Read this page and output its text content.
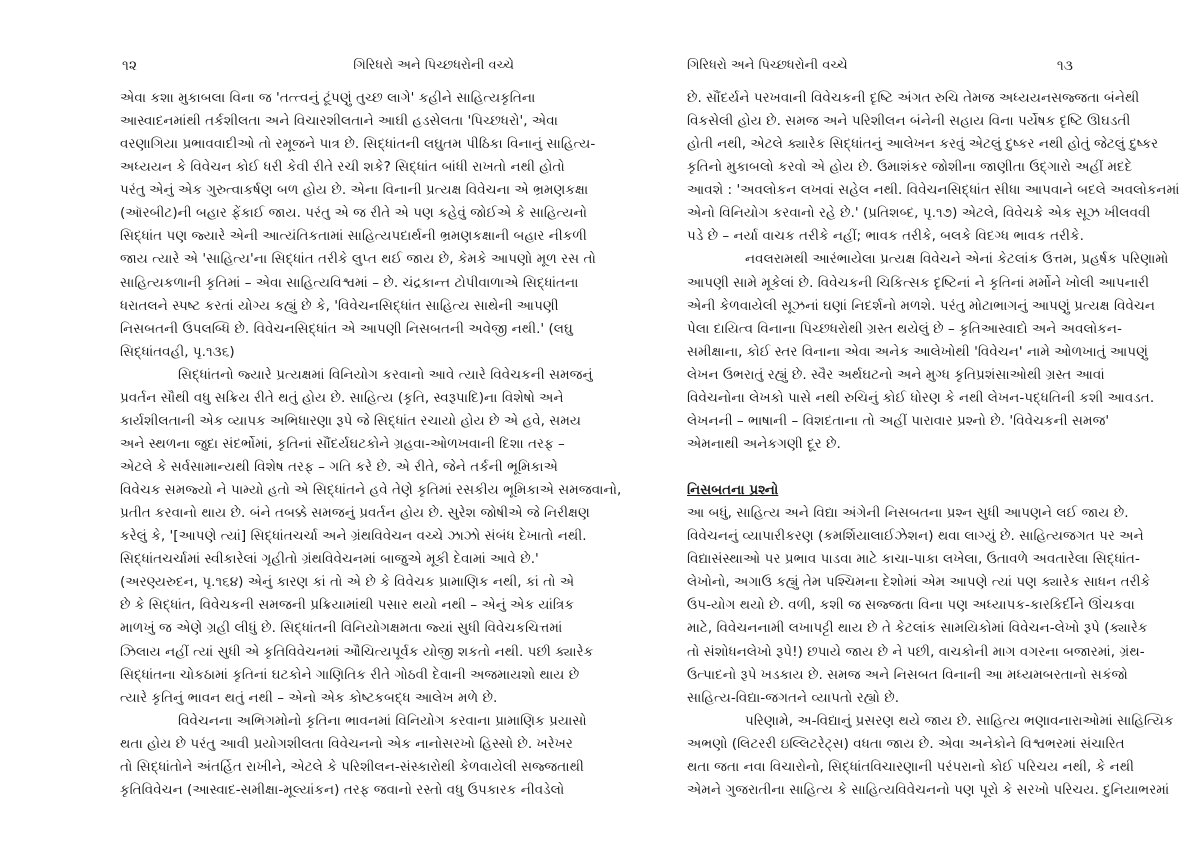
૧૨	ગિરિધરો અને પિચ્છધરોની વચ્ચે
એવા કશા મુકાબલા વિના જ 'તત્ત્વનું ટૂંપણું તુચ્છ લાગે' કહીને સાહિત્યકૃતિના
આસ્વાદનમાંથી તર્કશીલતા અને વિચારશીલતાને આઘી હડસેલતા 'પિચ્છધરો', એવા
વરણાગિયા પ્રભાવવાદીઓ તો રમૂજને પાત્ર છે. સિદ્ધાંતની લઘુતમ પીઠિકા વિનાનું સાહિત્ય-
અધ્યયન કે વિવેચન કોઈ ધરી કેવી રીતે રચી શકે? સિદ્ધાંત બાંધી રાખતો નથી હોતો
પરંતુ એનું એક ગુરુત્વાકર્ષણ બળ હોય છે. એના વિનાની પ્રત્યક્ષ વિવેચના એ ભ્રમણકક્ષા
(ઑરબીટ)ની બહાર ફેંકાઈ જાય. પરંતુ એ જ રીતે એ પણ કહેવું જોઈએ કે સાહિત્યનો
સિદ્ધાંત પણ જ્યારે એની આત્યંતિકતામાં સાહિત્યપદાર્થની ભ્રમણકક્ષાની બહાર નીકળી
જાય ત્યારે એ 'સાહિત્ય'ના સિદ્ધાંત તરીકે લુપ્ત થઈ જાય છે, કેમકે આપણો મૂળ રસ તો
સાહિત્યકળાની કૃતિમાં – એવા સાહિત્યવિશ્વમાં – છે. ચંદ્રકાન્ત ટોપીવાળાએ સિદ્ધાંતના
ધરાતલને સ્પષ્ટ કરતાં યોગ્ય કહ્યું છે કે, 'વિવેચનસિદ્ધાંત સાહિત્ય સાથેની આપણી
નિસબતની ઉપલબ્ધિ છે. વિવેચનસિદ્ધાંત એ આપણી નિસબતની અવેજી નથી.' (લઘુ
સિદ્ધાંતવહી, પૃ.૧૩૬)
સિદ્ધાંતનો જ્યારે પ્રત્યક્ષમાં વિનિયોગ કરવાનો આવે ત્યારે વિવેચકની સમજનું
પ્રવર્તન સૌથી વધુ સક્રિય રીતે થતું હોય છે. સાહિત્ય (કૃતિ, સ્વરૂપાદિ)ના વિશેષો અને
કાર્યશીલતાની એક વ્યાપક અભિધારણા રૂપે જે સિદ્ધાંત રચાયો હોય છે એ હવે, સમય
અને સ્થળના જુદા સંદર્ભોમાં, કૃતિનાં સૌંદર્યઘટકોને ગ્રહવા-ઓળખવાની દિશા તરફ –
એટલે કે સર્વસામાન્યથી વિશેષ તરફ – ગતિ કરે છે. એ રીતે, જેને તર્કની ભૂમિકાએ
વિવેચક સમજ્યો ને પામ્યો હતો એ સિદ્ધાંતને હવે તેણે કૃતિમાં રસકીય ભૂમિકાએ સમજવાનો,
પ્રતીત કરવાનો થાય છે. બંને તબક્કે સમજનું પ્રવર્તન હોય છે. સુરેશ જોષીએ જે નિરીક્ષણ
કરેલું કે, '[આપણે ત્યાં] સિદ્ધાંતચર્ચા અને ગ્રંથવિવેચન વચ્ચે ઝાઝો સંબંધ દેખાતો નથી.
સિદ્ધાંતચર્ચામાં સ્વીકારેલાં ગૃહીતો ગ્રંથવિવેચનમાં બાજુએ મૂકી દેવામાં આવે છે.'
(અરણ્યરુદન, પૃ.૧૬૪) એનું કારણ કાં તો એ છે કે વિવેચક પ્રામાણિક નથી, કાં તો એ
છે કે સિદ્ધાંત, વિવેચકની સમજની પ્રક્રિયામાંથી પસાર થયો નથી – એનું એક યાંત્રિક
માળખું જ એણે ગ્રહી લીધું છે. સિદ્ધાંતની વિનિયોગક્ષમતા જ્યાં સુધી વિવેચકચિત્તમાં
ઝિલાય નહીં ત્યાં સુધી એ કૃતિવિવેચનમાં ઔચિત્યપૂર્વક યોજી શકતો નથી. પછી ક્યારેક
સિદ્ધાંતના ચોકઠામાં કૃતિનાં ઘટકોને ગાણિતિક રીતે ગોઠવી દેવાની અજમાયશો થાય છે
ત્યારે કૃતિનું ભાવન થતું નથી – એનો એક કોષ્ટકબદ્ધ આલેખ મળે છે.
વિવેચનના અભિગમોનો કૃતિના ભાવનમાં વિનિયોગ કરવાના પ્રામાણિક પ્રયાસો
થતા હોય છે પરંતુ આવી પ્રયોગશીલતા વિવેચનનો એક નાનોસરખો હિસ્સો છે. ખરેખર
તો સિદ્ધાંતોને અંતર્હિત રાખીને, એટલે કે પરિશીલન-સંસ્કારોથી કેળવાયેલી સજ્જતાથી
કૃતિવિવેચન (આસ્વાદ-સમીક્ષા-મૂલ્યાંકન) તરફ જવાનો રસ્તો વધુ ઉપકારક નીવડેલો
ગિરિધરો અને પિચ્છધરોની વચ્ચે	૧૩
છે. સૌંદર્યને પરખવાની વિવેચકની દૃષ્ટિ અંગત રુચિ તેમજ અધ્યયનસજ્જતા બંનેથી
વિકસેલી હોય છે. સમજ અને પરિશીલન બંનેની સહાય વિના પર્યેષક દૃષ્ટિ ઊઘડતી
હોતી નથી, એટલે ક્યારેક સિદ્ધાંતનું આલેખન કરવું એટલું દુષ્કર નથી હોતું જેટલું દુષ્કર
કૃતિનો મુકાબલો કરવો એ હોય છે. ઉમાશંકર જોશીના જાણીતા ઉદ્‌ગારો અહીં મદદે
આવશે : 'અવલોકન લખવાં સહેલ નથી. વિવેચનસિદ્ધાંત સીધા આપવાને બદલે અવલોકનમાં
એનો વિનિયોગ કરવાનો રહે છે.' (પ્રતિશબ્દ, પૃ.૧૭) એટલે, વિવેચકે એક સૂઝ ખીલવવી
પડે છે – નર્યા વાચક તરીકે નહીં; ભાવક તરીકે, બલકે વિદગ્ધ ભાવક તરીકે.
નવલરામથી આરંભાયેલા પ્રત્યક્ષ વિવેચને એનાં કેટલાંક ઉત્તમ, પ્રહર્ષક પરિણામો
આપણી સામે મૂકેલાં છે. વિવેચકની ચિકિત્સક દૃષ્ટિનાં ને કૃતિનાં મર્મોને ખોલી આપનારી
એની કેળવાયેલી સૂઝનાં ઘણાં નિદર્શનો મળશે. પરંતુ મોટાભાગનું આપણું પ્રત્યક્ષ વિવેચન
પેલા દાયિત્વ વિનાના પિચ્છધરોથી ગ્રસ્ત થયેલું છે – કૃતિઆસ્વાદો અને અવલોકન-
સમીક્ષાના, કોઈ સ્તર વિનાના એવા અનેક આલેખોથી 'વિવેચન' નામે ઓળખાતું આપણું
લેખન ઉભરાતું રહ્યું છે. સ્વૈર અર્થઘટનો અને મુગ્ધ કૃતિપ્રશંસાઓથી ગ્રસ્ત આવાં
વિવેચનોના લેખકો પાસે નથી રુચિનું કોઈ ધોરણ કે નથી લેખન-પદ્ધતિની કશી આવડત.
લેખનની – ભાષાની – વિશદતાના તો અહીં પારાવાર પ્રશ્નો છે. 'વિવેચકની સમજ'
એમનાથી અનેકગણી દૂર છે.
નિસબતના પ્રશ્નો
આ બધું, સાહિત્ય અને વિદ્યા અંગેની નિસબતના પ્રશ્ન સુધી આપણને લઈ જાય છે.
વિવેચનનું વ્યાપારીકરણ (કમર્શિયાલાઈઝેશન) થવા લાગ્યું છે. સાહિત્યજગત પર અને
વિદ્યાસંસ્થાઓ પર પ્રભાવ પાડવા માટે કાચા-પાકા લખેલા, ઉતાવળે અવતારેલા સિદ્ધાંત-
લેખોનો, અગાઉ કહ્યું તેમ પશ્ચિમના દેશોમાં એમ આપણે ત્યાં પણ ક્યારેક સાધન તરીકે
ઉપ-યોગ થયો છે. વળી, કશી જ સજ્જતા વિના પણ અધ્યાપક-કારકિર્દીને ઊંચકવા
માટે, વિવેચનનામી લખાપટ્ટી થાય છે તે કેટલાંક સામયિકોમાં વિવેચન-લેખો રૂપે (ક્યારેક
તો સંશોધનલેખો રૂપે!) છપાયે જાય છે ને પછી, વાચકોની માગ વગરના બજારમાં, ગ્રંથ-
ઉત્પાદનો રૂપે ખડકાય છે. સમજ અને નિસબત વિનાની આ મધ્યમબરતાનો સકંજો
સાહિત્ય-વિદ્યા-જગતને વ્યાપતો રહ્યો છે.
પરિણામે, અ-વિદ્યાનું પ્રસરણ થયે જાય છે. સાહિત્ય ભણાવનારાઓમાં સાહિત્યિક
અભણો (લિટરરી ઇલ્લિટરેટ્સ) વધતા જાય છે. એવા અનેકોને વિશ્વભરમાં સંચારિત
થતા જતા નવા વિચારોનો, સિદ્ધાંતવિચારણાની પરંપરાનો કોઈ પરિચય નથી, કે નથી
એમને ગુજરાતીના સાહિત્ય કે સાહિત્યવિવેચનનો પણ પૂરો કે સરખો પરિચય. દુનિયાભરમાં
